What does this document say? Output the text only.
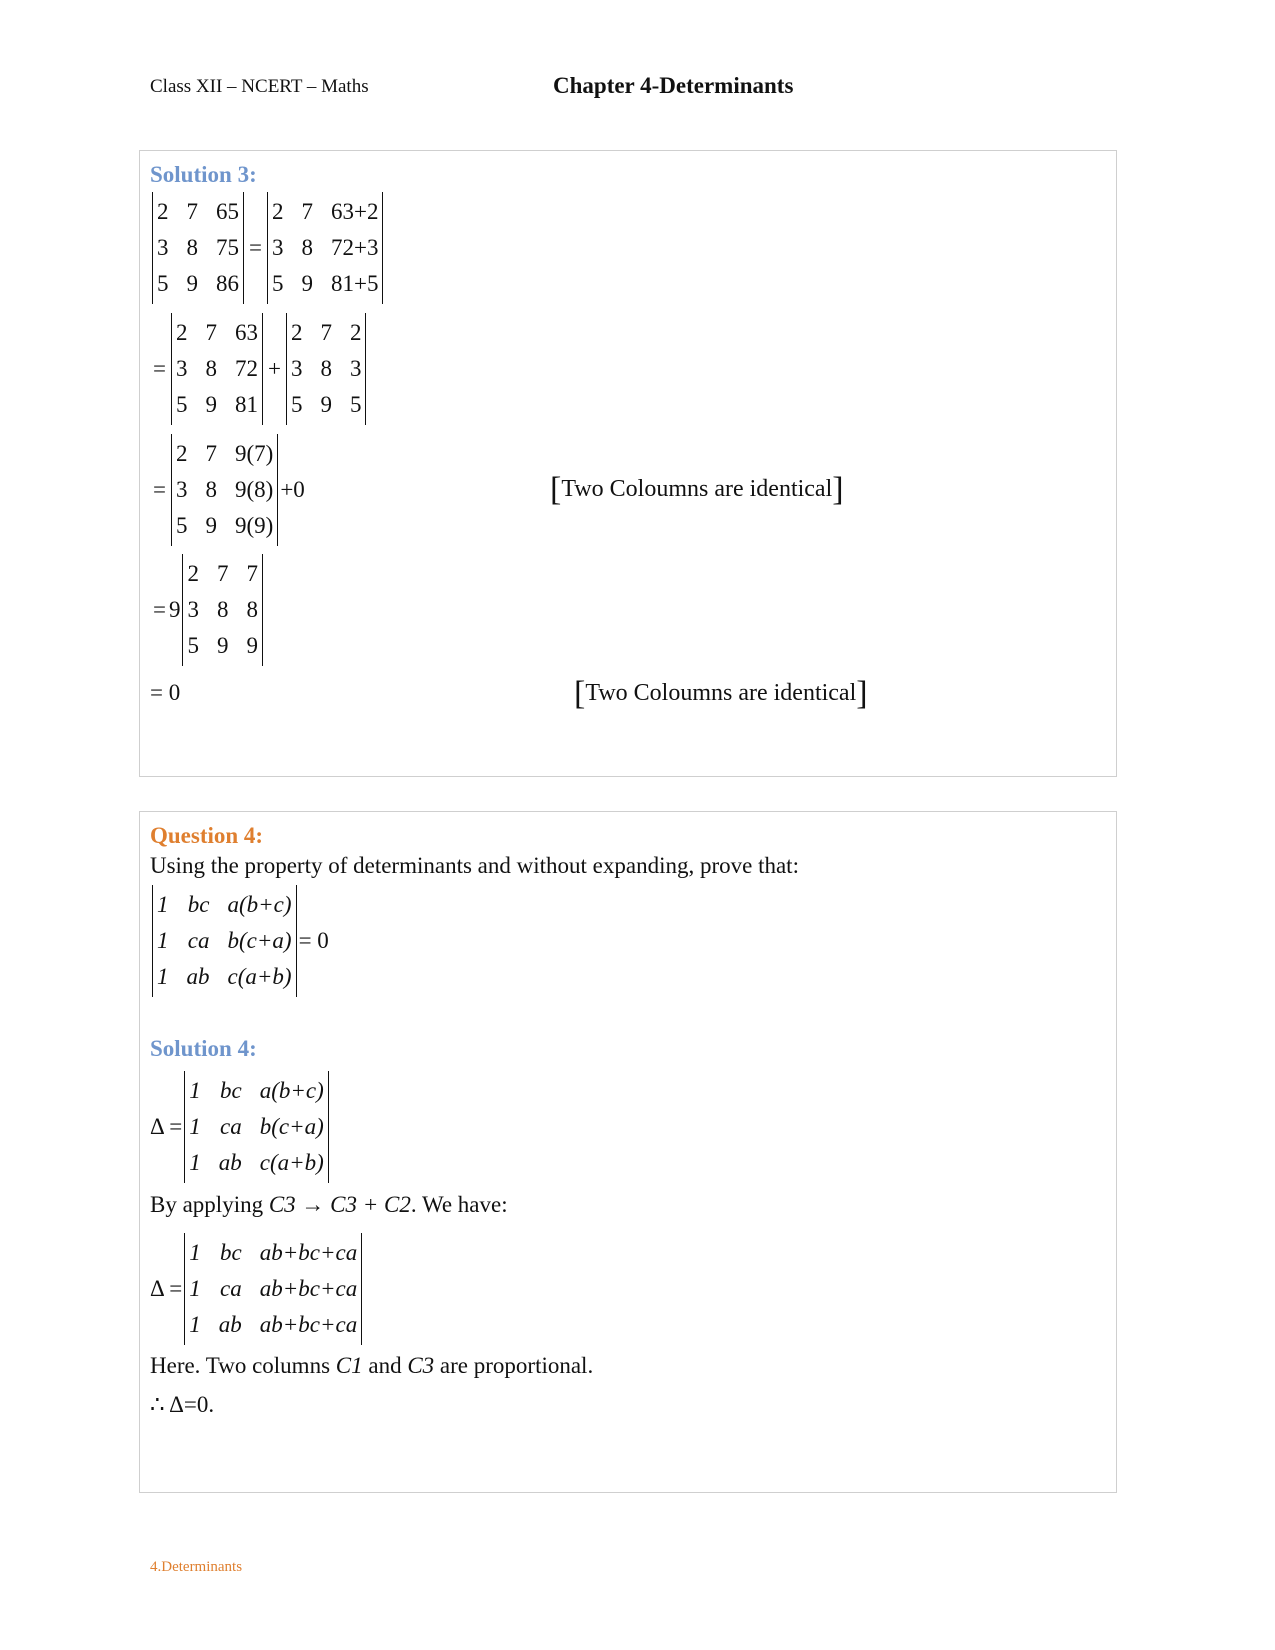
Class XII – NCERT – Maths	Chapter 4-Determinants
Solution 3:
2	7	65
3	8	75
5	9	86
=
2	7	63+2
3	8	72+3
5	9	81+5
=
2	7	63
3	8	72
5	9	81
+
2	7	2
3	8	3
5	9	5
=
2	7	9(7)
3	8	9(8)
5	9	9(9)
+0	[Two Coloumns are identical]
= 9
2	7	7
3	8	8
5	9	9
= 0	[Two Coloumns are identical]
Question 4:
Using the property of determinants and without expanding, prove that:
1	bc	a(b+c)
1	ca	b(c+a)
1	ab	c(a+b)
= 0
Solution 4:
Δ =
1	bc	a(b+c)
1	ca	b(c+a)
1	ab	c(a+b)
By applying C3 → C3 + C2. We have:
Δ =
1	bc	ab+bc+ca
1	ca	ab+bc+ca
1	ab	ab+bc+ca
Here. Two columns C1 and C3 are proportional.
∴ Δ=0.
4.Determinants
